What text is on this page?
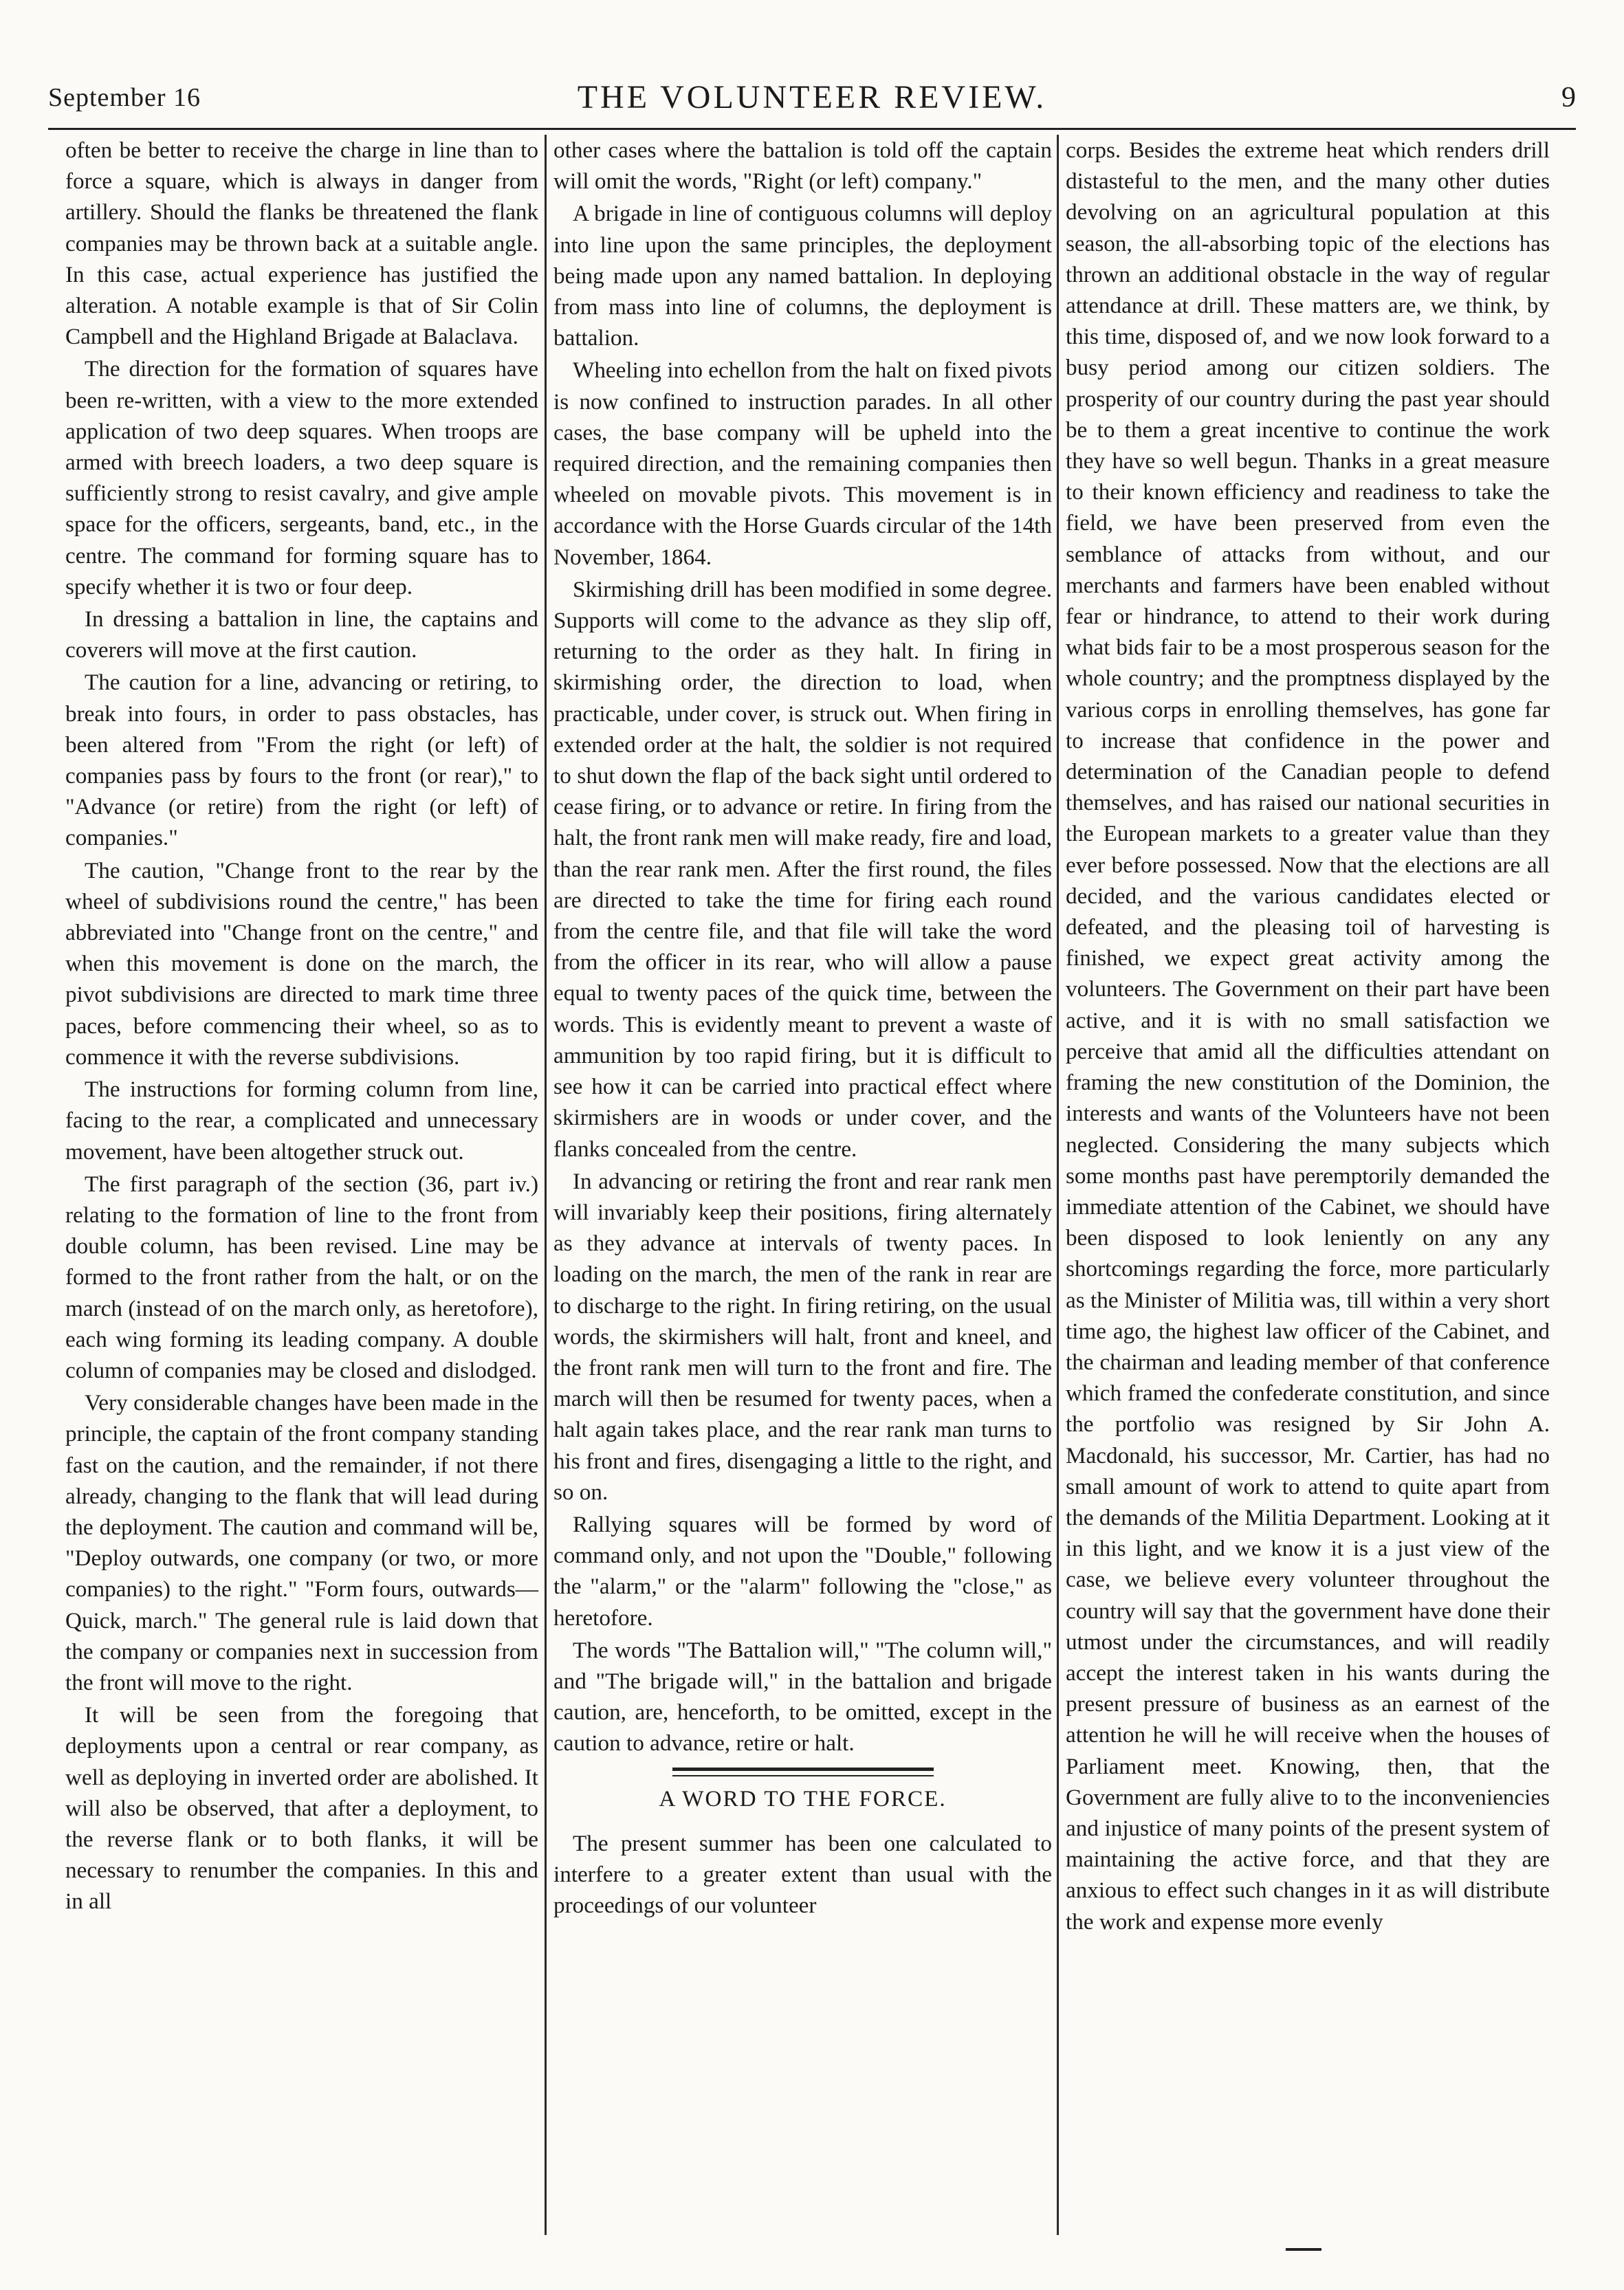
September 16	THE VOLUNTEER REVIEW.	9

often be better to receive the charge in line than to force a square, which is always in danger from artillery. Should the flanks be threatened the flank companies may be thrown back at a suitable angle. In this case, actual experience has justified the alteration. A notable example is that of Sir Colin Campbell and the Highland Brigade at Balaclava.

The direction for the formation of squares have been re-written, with a view to the more extended application of two deep squares. When troops are armed with breech loaders, a two deep square is sufficiently strong to resist cavalry, and give ample space for the officers, sergeants, band, etc., in the centre. The command for forming square has to specify whether it is two or four deep.

In dressing a battalion in line, the captains and coverers will move at the first caution.

The caution for a line, advancing or retiring, to break into fours, in order to pass obstacles, has been altered from "From the right (or left) of companies pass by fours to the front (or rear)," to "Advance (or retire) from the right (or left) of companies."

The caution, "Change front to the rear by the wheel of subdivisions round the centre," has been abbreviated into "Change front on the centre," and when this movement is done on the march, the pivot subdivisions are directed to mark time three paces, before commencing their wheel, so as to commence it with the reverse subdivisions.

The instructions for forming column from line, facing to the rear, a complicated and unnecessary movement, have been altogether struck out.

The first paragraph of the section (36, part iv.) relating to the formation of line to the front from double column, has been revised. Line may be formed to the front rather from the halt, or on the march (instead of on the march only, as heretofore), each wing forming its leading company. A double column of companies may be closed and dislodged.

Very considerable changes have been made in the principle, the captain of the front company standing fast on the caution, and the remainder, if not there already, changing to the flank that will lead during the deployment. The caution and command will be, "Deploy outwards, one company (or two, or more companies) to the right." "Form fours, outwards—Quick, march." The general rule is laid down that the company or companies next in succession from the front will move to the right.

It will be seen from the foregoing that deployments upon a central or rear company, as well as deploying in inverted order are abolished. It will also be observed, that after a deployment, to the reverse flank or to both flanks, it will be necessary to renumber the companies. In this and in all

other cases where the battalion is told off the captain will omit the words, "Right (or left) company."

A brigade in line of contiguous columns will deploy into line upon the same principles, the deployment being made upon any named battalion. In deploying from mass into line of columns, the deployment is battalion.

Wheeling into echellon from the halt on fixed pivots is now confined to instruction parades. In all other cases, the base company will be upheld into the required direction, and the remaining companies then wheeled on movable pivots. This movement is in accordance with the Horse Guards circular of the 14th November, 1864.

Skirmishing drill has been modified in some degree. Supports will come to the advance as they slip off, returning to the order as they halt. In firing in skirmishing order, the direction to load, when practicable, under cover, is struck out. When firing in extended order at the halt, the soldier is not required to shut down the flap of the back sight until ordered to cease firing, or to advance or retire. In firing from the halt, the front rank men will make ready, fire and load, than the rear rank men. After the first round, the files are directed to take the time for firing each round from the centre file, and that file will take the word from the officer in its rear, who will allow a pause equal to twenty paces of the quick time, between the words. This is evidently meant to prevent a waste of ammunition by too rapid firing, but it is difficult to see how it can be carried into practical effect where skirmishers are in woods or under cover, and the flanks concealed from the centre.

In advancing or retiring the front and rear rank men will invariably keep their positions, firing alternately as they advance at intervals of twenty paces. In loading on the march, the men of the rank in rear are to discharge to the right. In firing retiring, on the usual words, the skirmishers will halt, front and kneel, and the front rank men will turn to the front and fire. The march will then be resumed for twenty paces, when a halt again takes place, and the rear rank man turns to his front and fires, disengaging a little to the right, and so on.

Rallying squares will be formed by word of command only, and not upon the "Double," following the "alarm," or the "alarm" following the "close," as heretofore.

The words "The Battalion will," "The column will," and "The brigade will," in the battalion and brigade caution, are, henceforth, to be omitted, except in the caution to advance, retire or halt.

A WORD TO THE FORCE.

The present summer has been one calculated to interfere to a greater extent than usual with the proceedings of our volunteer

corps. Besides the extreme heat which renders drill distasteful to the men, and the many other duties devolving on an agricultural population at this season, the all-absorbing topic of the elections has thrown an additional obstacle in the way of regular attendance at drill. These matters are, we think, by this time, disposed of, and we now look forward to a busy period among our citizen soldiers. The prosperity of our country during the past year should be to them a great incentive to continue the work they have so well begun. Thanks in a great measure to their known efficiency and readiness to take the field, we have been preserved from even the semblance of attacks from without, and our merchants and farmers have been enabled without fear or hindrance, to attend to their work during what bids fair to be a most prosperous season for the whole country; and the promptness displayed by the various corps in enrolling themselves, has gone far to increase that confidence in the power and determination of the Canadian people to defend themselves, and has raised our national securities in the European markets to a greater value than they ever before possessed. Now that the elections are all decided, and the various candidates elected or defeated, and the pleasing toil of harvesting is finished, we expect great activity among the volunteers. The Government on their part have been active, and it is with no small satisfaction we perceive that amid all the difficulties attendant on framing the new constitution of the Dominion, the interests and wants of the Volunteers have not been neglected. Considering the many subjects which some months past have peremptorily demanded the immediate attention of the Cabinet, we should have been disposed to look leniently on any any shortcomings regarding the force, more particularly as the Minister of Militia was, till within a very short time ago, the highest law officer of the Cabinet, and the chairman and leading member of that conference which framed the confederate constitution, and since the portfolio was resigned by Sir John A. Macdonald, his successor, Mr. Cartier, has had no small amount of work to attend to quite apart from the demands of the Militia Department. Looking at it in this light, and we know it is a just view of the case, we believe every volunteer throughout the country will say that the government have done their utmost under the circumstances, and will readily accept the interest taken in his wants during the present pressure of business as an earnest of the attention he will he will receive when the houses of Parliament meet. Knowing, then, that the Government are fully alive to to the inconveniencies and injustice of many points of the present system of maintaining the active force, and that they are anxious to effect such changes in it as will distribute the work and expense more evenly
